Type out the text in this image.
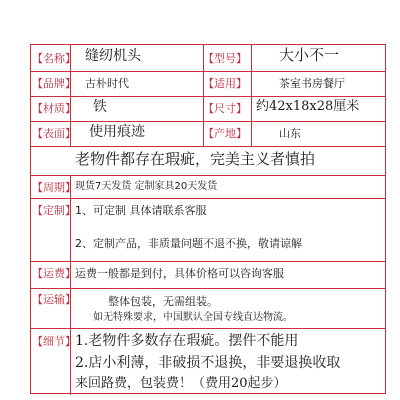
【名称】 缝纫机头	【型号】 大小不一
【品牌】 古朴时代	【适用】	茶室书房餐厅
【材质】 铁	【尺寸】 约42x18x28厘米
【表面】 使用痕迹	【产地】	山东
老物件都存在瑕疵，完美主义者慎拍
【周期】 现货7天发货 定制家具20天发货
【定制】 1、可定制 具体请联系客服
2、定制产品，非质量问题不退不换，敬请谅解
【运费】 运费一般都是到付，具体价格可以咨询客服
【运输】	整体包装，无需组装。
如无特殊要求，中国默认全国专线直达物流。
【细节】 1.老物件多数存在瑕疵。摆件不能用
2.店小利薄，非破损不退换，非要退换收取
来回路费，包装费！（费用20起步）
